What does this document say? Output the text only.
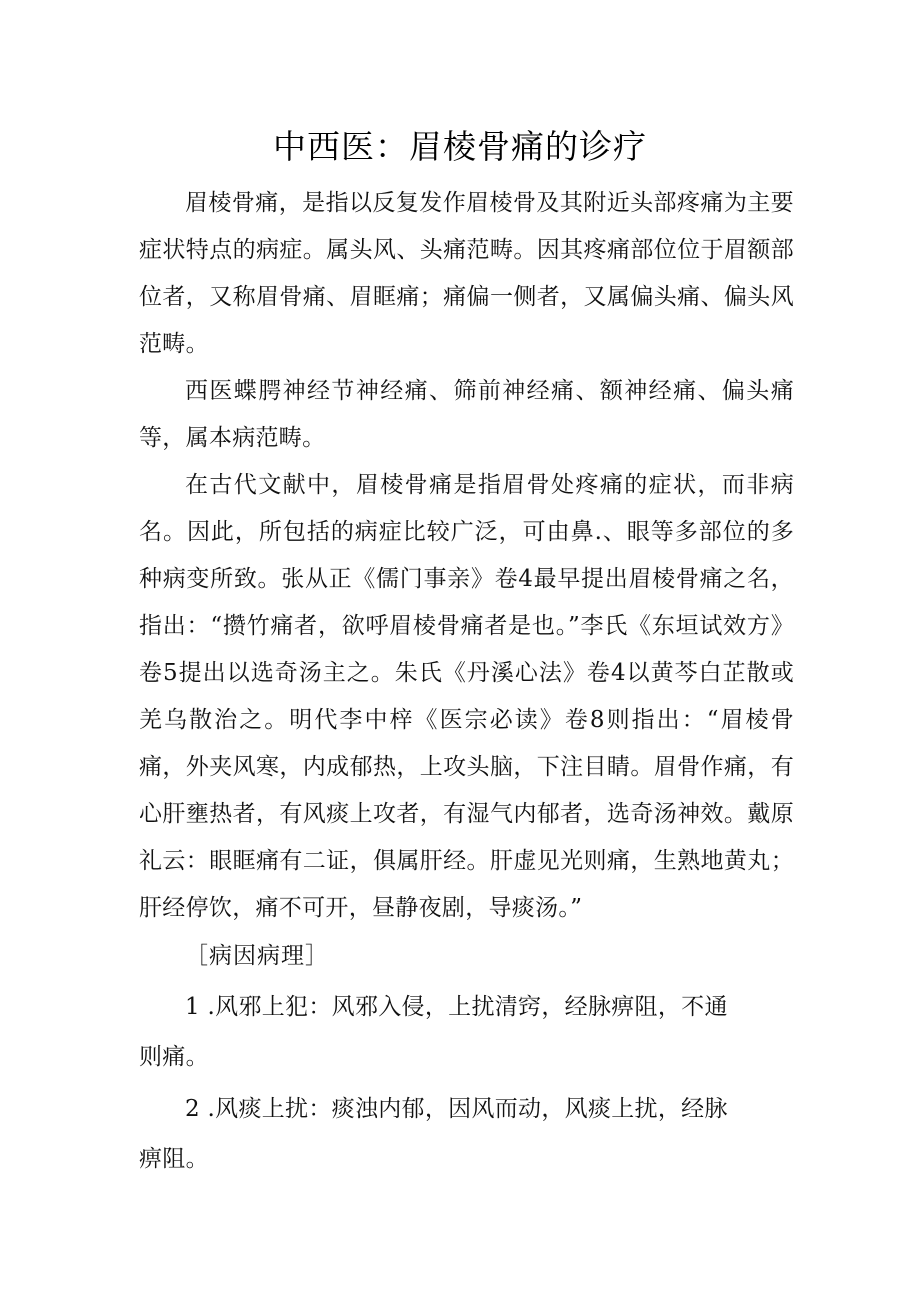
中西医：眉棱骨痛的诊疗

眉棱骨痛，是指以反复发作眉棱骨及其附近头部疼痛为主要症状特点的病症。属头风、头痛范畴。因其疼痛部位位于眉额部位者，又称眉骨痛、眉眶痛；痛偏一侧者，又属偏头痛、偏头风范畴。

西医蝶腭神经节神经痛、筛前神经痛、额神经痛、偏头痛等，属本病范畴。

在古代文献中，眉棱骨痛是指眉骨处疼痛的症状，而非病名。因此，所包括的病症比较广泛，可由鼻.、眼等多部位的多种病变所致。张从正《儒门事亲》卷4最早提出眉棱骨痛之名，指出：“攒竹痛者，欲呼眉棱骨痛者是也。”李氏《东垣试效方》卷5提出以选奇汤主之。朱氏《丹溪心法》卷4以黄芩白芷散或羌乌散治之。明代李中梓《医宗必读》卷8则指出：“眉棱骨痛，外夹风寒，内成郁热，上攻头脑，下注目睛。眉骨作痛，有心肝壅热者，有风痰上攻者，有湿气内郁者，选奇汤神效。戴原礼云：眼眶痛有二证，俱属肝经。肝虚见光则痛，生熟地黄丸；肝经停饮，痛不可开，昼静夜剧，导痰汤。”

［病因病理］

1 .风邪上犯：风邪入侵，上扰清窍，经脉痹阻，不通则痛。

2 .风痰上扰：痰浊内郁，因风而动，风痰上扰，经脉痹阻。
